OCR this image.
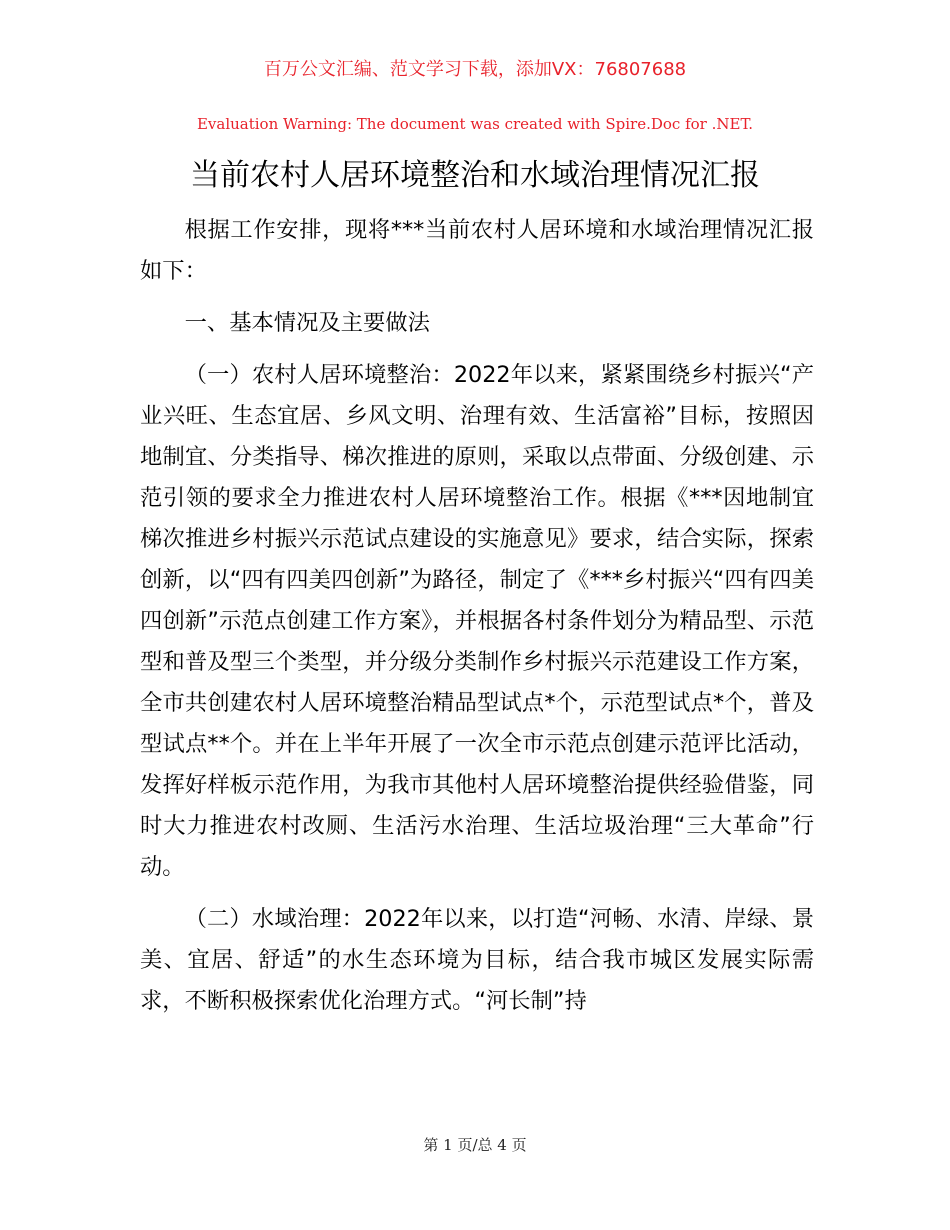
百万公文汇编、范文学习下载，添加VX：76807688
Evaluation Warning: The document was created with Spire.Doc for .NET.
当前农村人居环境整治和水域治理情况汇报

根据工作安排，现将***当前农村人居环境和水域治理情况汇报如下：

一、基本情况及主要做法

（一）农村人居环境整治：2022年以来，紧紧围绕乡村振兴“产业兴旺、生态宜居、乡风文明、治理有效、生活富裕”目标，按照因地制宜、分类指导、梯次推进的原则，采取以点带面、分级创建、示范引领的要求全力推进农村人居环境整治工作。根据《***因地制宜梯次推进乡村振兴示范试点建设的实施意见》要求，结合实际，探索创新，以“四有四美四创新”为路径，制定了《***乡村振兴“四有四美四创新”示范点创建工作方案》，并根据各村条件划分为精品型、示范型和普及型三个类型，并分级分类制作乡村振兴示范建设工作方案，全市共创建农村人居环境整治精品型试点*个，示范型试点*个，普及型试点**个。并在上半年开展了一次全市示范点创建示范评比活动，发挥好样板示范作用，为我市其他村人居环境整治提供经验借鉴，同时大力推进农村改厕、生活污水治理、生活垃圾治理“三大革命”行动。

（二）水域治理：2022年以来，以打造“河畅、水清、岸绿、景美、宜居、舒适”的水生态环境为目标，结合我市城区发展实际需求，不断积极探索优化治理方式。“河长制”持

第 1 页/总 4 页
